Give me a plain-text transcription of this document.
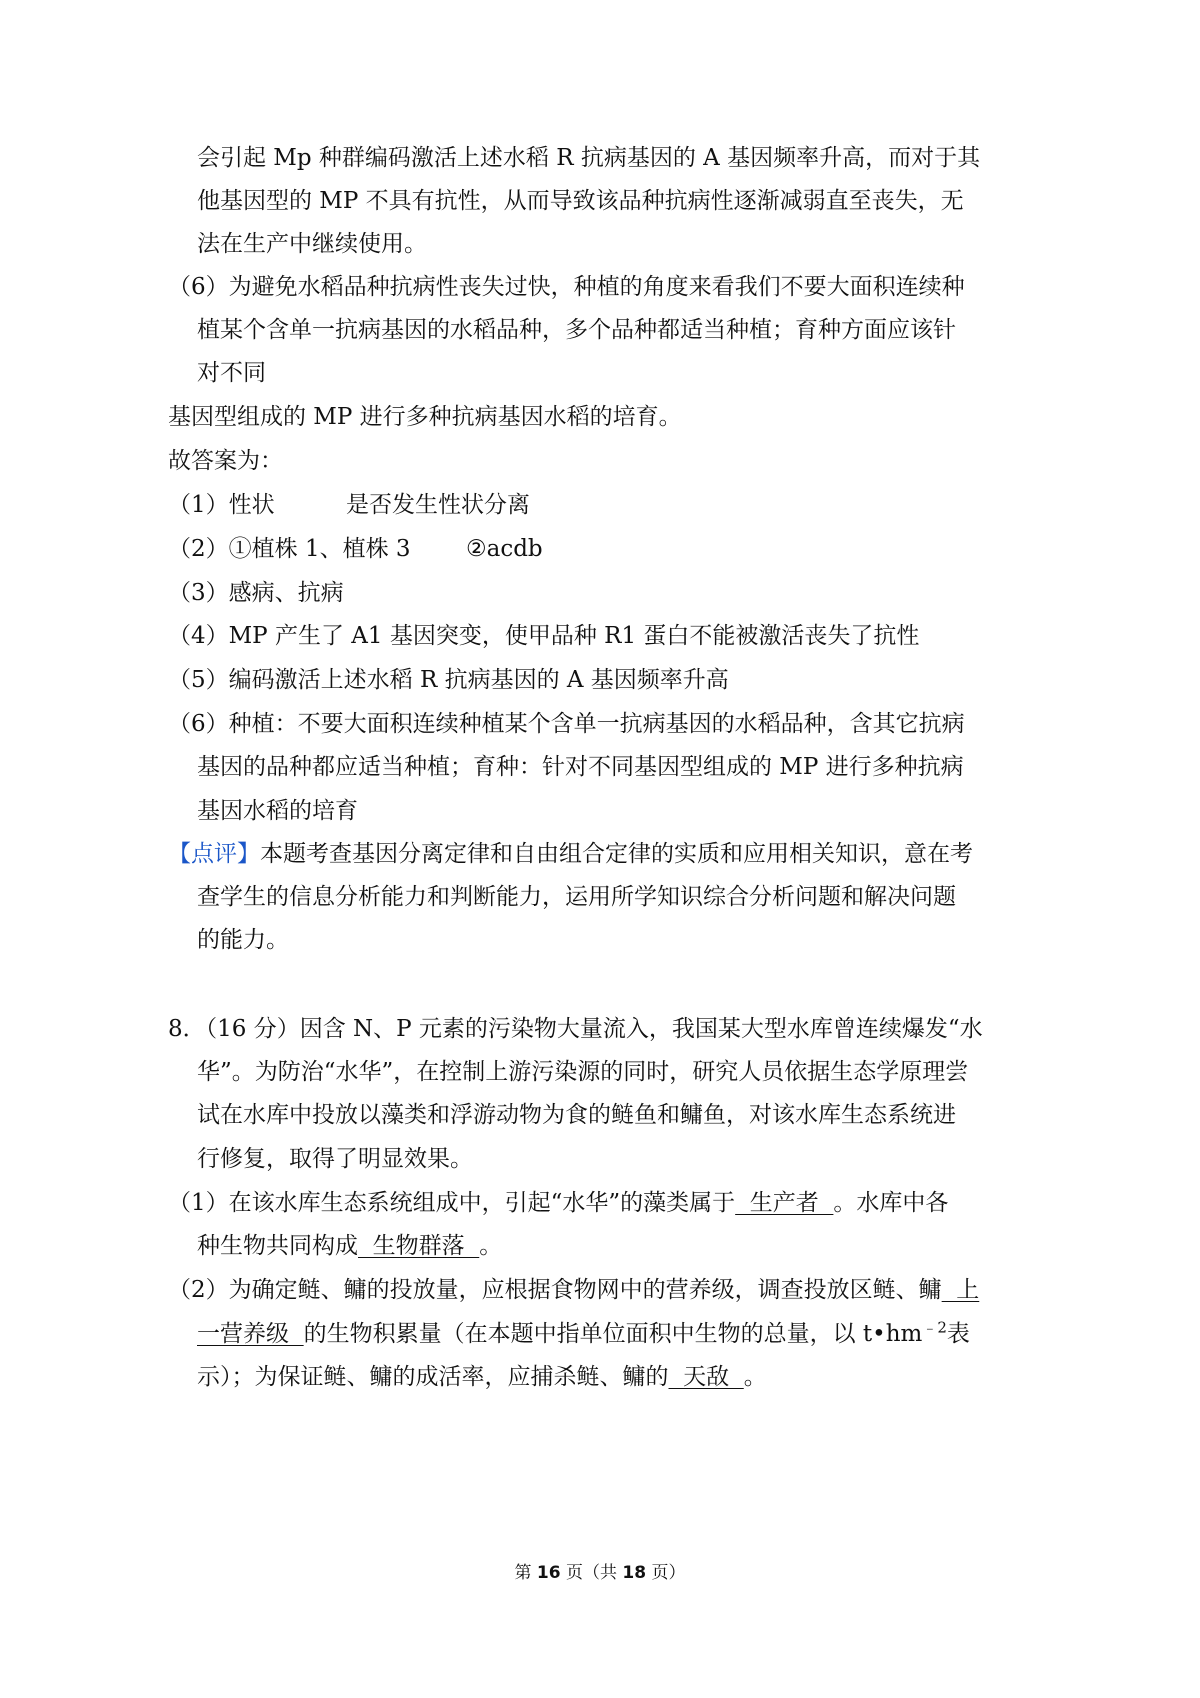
会引起 Mp 种群编码激活上述水稻 R 抗病基因的 A 基因频率升高，而对于其
他基因型的 MP 不具有抗性，从而导致该品种抗病性逐渐减弱直至丧失，无
法在生产中继续使用。
（6）为避免水稻品种抗病性丧失过快，种植的角度来看我们不要大面积连续种
植某个含单一抗病基因的水稻品种，多个品种都适当种植；育种方面应该针
对不同
基因型组成的 MP 进行多种抗病基因水稻的培育。
故答案为：
（1）性状	是否发生性状分离
（2）①植株 1、植株 3 ②acdb
（3）感病、抗病
（4）MP 产生了 A1 基因突变，使甲品种 R1 蛋白不能被激活丧失了抗性
（5）编码激活上述水稻 R 抗病基因的 A 基因频率升高
（6）种植：不要大面积连续种植某个含单一抗病基因的水稻品种，含其它抗病
基因的品种都应适当种植；育种：针对不同基因型组成的 MP 进行多种抗病
基因水稻的培育
【点评】本题考查基因分离定律和自由组合定律的实质和应用相关知识，意在考
查学生的信息分析能力和判断能力，运用所学知识综合分析问题和解决问题
的能力。
8．（16 分）因含 N、P 元素的污染物大量流入，我国某大型水库曾连续爆发“水
华”。为防治“水华”，在控制上游污染源的同时，研究人员依据生态学原理尝
试在水库中投放以藻类和浮游动物为食的鲢鱼和鳙鱼，对该水库生态系统进
行修复，取得了明显效果。
（1）在该水库生态系统组成中，引起“水华”的藻类属于  生产者  。水库中各
种生物共同构成  生物群落  。
（2）为确定鲢、鳙的投放量，应根据食物网中的营养级，调查投放区鲢、鳙  上
一营养级  的生物积累量（在本题中指单位面积中生物的总量，以 $t•hm^{﹣2}$表
示）；为保证鲢、鳙的成活率，应捕杀鲢、鳙的  天敌  。
第 16 页（共 18 页）
